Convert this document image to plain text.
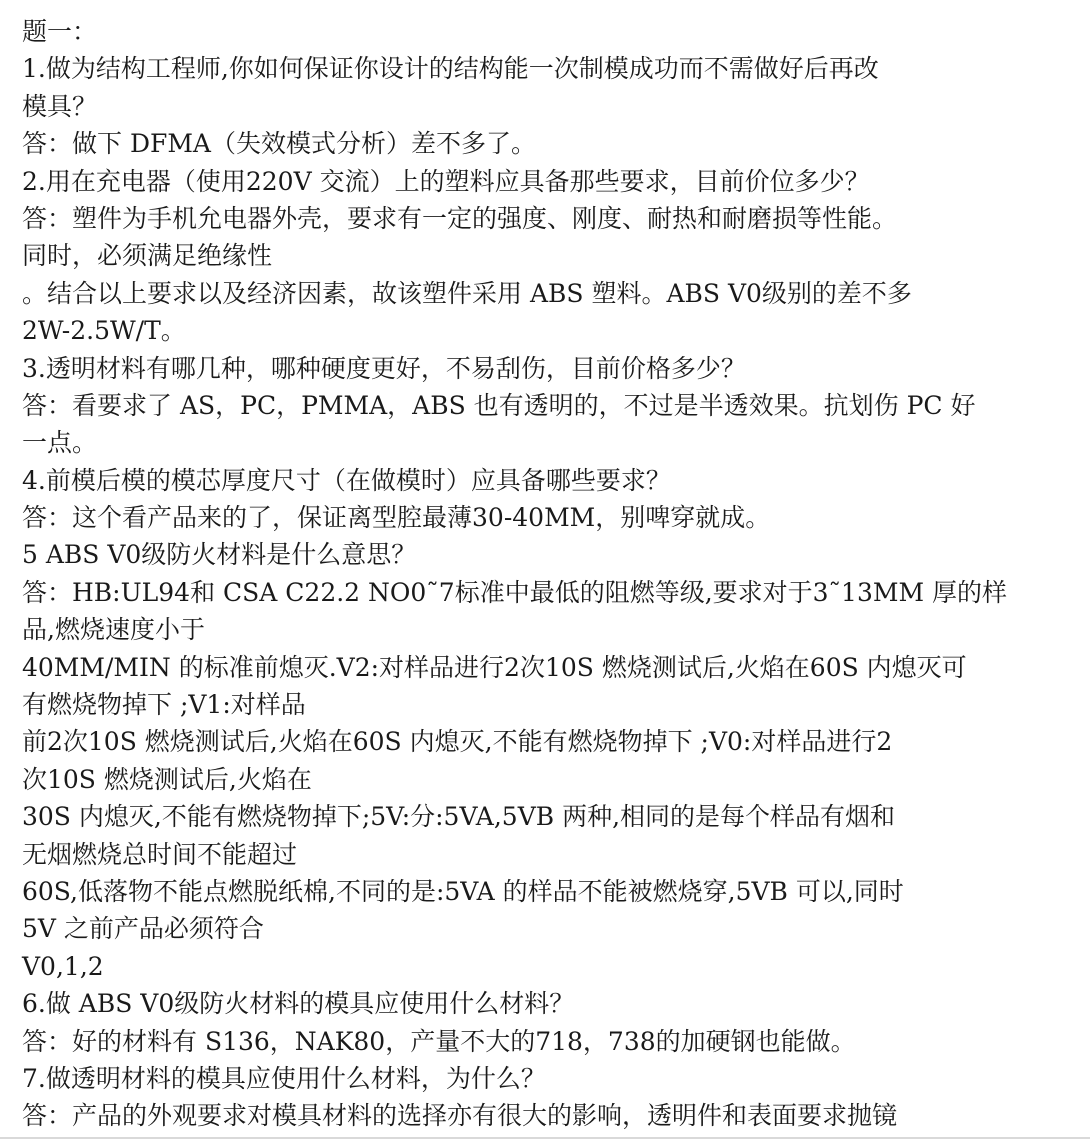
题一：
1.做为结构工程师,你如何保证你设计的结构能一次制模成功而不需做好后再改
模具？
答：做下 DFMA（失效模式分析）差不多了。
2.用在充电器（使用220V 交流）上的塑料应具备那些要求，目前价位多少？
答：塑件为手机允电器外壳，要求有一定的强度、刚度、耐热和耐磨损等性能。
同时，必须满足绝缘性
。结合以上要求以及经济因素，故该塑件采用 ABS 塑料。ABS V0级别的差不多
2W-2.5W/T。
3.透明材料有哪几种，哪种硬度更好，不易刮伤，目前价格多少？
答：看要求了 AS，PC，PMMA，ABS 也有透明的，不过是半透效果。抗划伤 PC 好
一点。
4.前模后模的模芯厚度尺寸（在做模时）应具备哪些要求？
答：这个看产品来的了，保证离型腔最薄30-40MM，别啤穿就成。
5 ABS V0级防火材料是什么意思？
答：HB:UL94和 CSA C22.2 NO0˜7标准中最低的阻燃等级,要求对于3˜13MM 厚的样
品,燃烧速度小于
40MM/MIN 的标准前熄灭.V2:对样品进行2次10S 燃烧测试后,火焰在60S 内熄灭可
有燃烧物掉下 ;V1:对样品
前2次10S 燃烧测试后,火焰在60S 内熄灭,不能有燃烧物掉下 ;V0:对样品进行2
次10S 燃烧测试后,火焰在
30S 内熄灭,不能有燃烧物掉下;5V:分:5VA,5VB 两种,相同的是每个样品有烟和
无烟燃烧总时间不能超过
60S,低落物不能点燃脱纸棉,不同的是:5VA 的样品不能被燃烧穿,5VB 可以,同时
5V 之前产品必须符合
V0,1,2
6.做 ABS V0级防火材料的模具应使用什么材料？
答：好的材料有 S136，NAK80，产量不大的718，738的加硬钢也能做。
7.做透明材料的模具应使用什么材料，为什么？
答：产品的外观要求对模具材料的选择亦有很大的影响，透明件和表面要求抛镜
